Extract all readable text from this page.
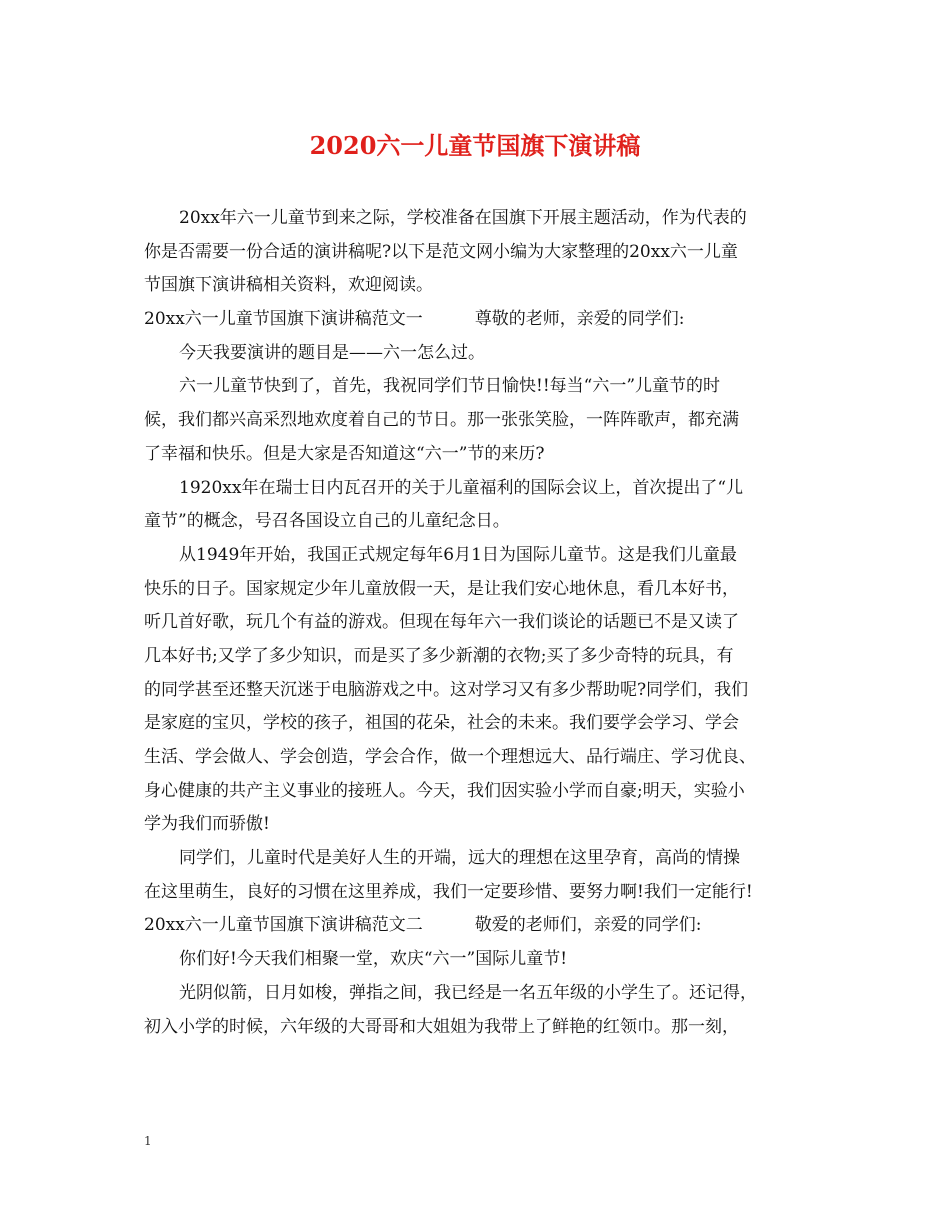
2020六一儿童节国旗下演讲稿
20xx年六一儿童节到来之际，学校准备在国旗下开展主题活动，作为代表的
你是否需要一份合适的演讲稿呢?以下是范文网小编为大家整理的20xx六一儿童
节国旗下演讲稿相关资料，欢迎阅读。
20xx六一儿童节国旗下演讲稿范文一	尊敬的老师，亲爱的同学们:
今天我要演讲的题目是——六一怎么过。
六一儿童节快到了，首先，我祝同学们节日愉快!!每当“六一”儿童节的时
候，我们都兴高采烈地欢度着自己的节日。那一张张笑脸，一阵阵歌声，都充满
了幸福和快乐。但是大家是否知道这“六一”节的来历?
1920xx年在瑞士日内瓦召开的关于儿童福利的国际会议上，首次提出了“儿
童节”的概念，号召各国设立自己的儿童纪念日。
从1949年开始，我国正式规定每年6月1日为国际儿童节。这是我们儿童最
快乐的日子。国家规定少年儿童放假一天，是让我们安心地休息，看几本好书，
听几首好歌，玩几个有益的游戏。但现在每年六一我们谈论的话题已不是又读了
几本好书;又学了多少知识，而是买了多少新潮的衣物;买了多少奇特的玩具，有
的同学甚至还整天沉迷于电脑游戏之中。这对学习又有多少帮助呢?同学们，我们
是家庭的宝贝，学校的孩子，祖国的花朵，社会的未来。我们要学会学习、学会
生活、学会做人、学会创造，学会合作，做一个理想远大、品行端庄、学习优良、
身心健康的共产主义事业的接班人。今天，我们因实验小学而自豪;明天，实验小
学为我们而骄傲!
同学们，儿童时代是美好人生的开端，远大的理想在这里孕育，高尚的情操
在这里萌生，良好的习惯在这里养成，我们一定要珍惜、要努力啊!我们一定能行!
20xx六一儿童节国旗下演讲稿范文二	敬爱的老师们，亲爱的同学们:
你们好!今天我们相聚一堂，欢庆“六一”国际儿童节!
光阴似箭，日月如梭，弹指之间，我已经是一名五年级的小学生了。还记得，
初入小学的时候，六年级的大哥哥和大姐姐为我带上了鲜艳的红领巾。那一刻，
1
